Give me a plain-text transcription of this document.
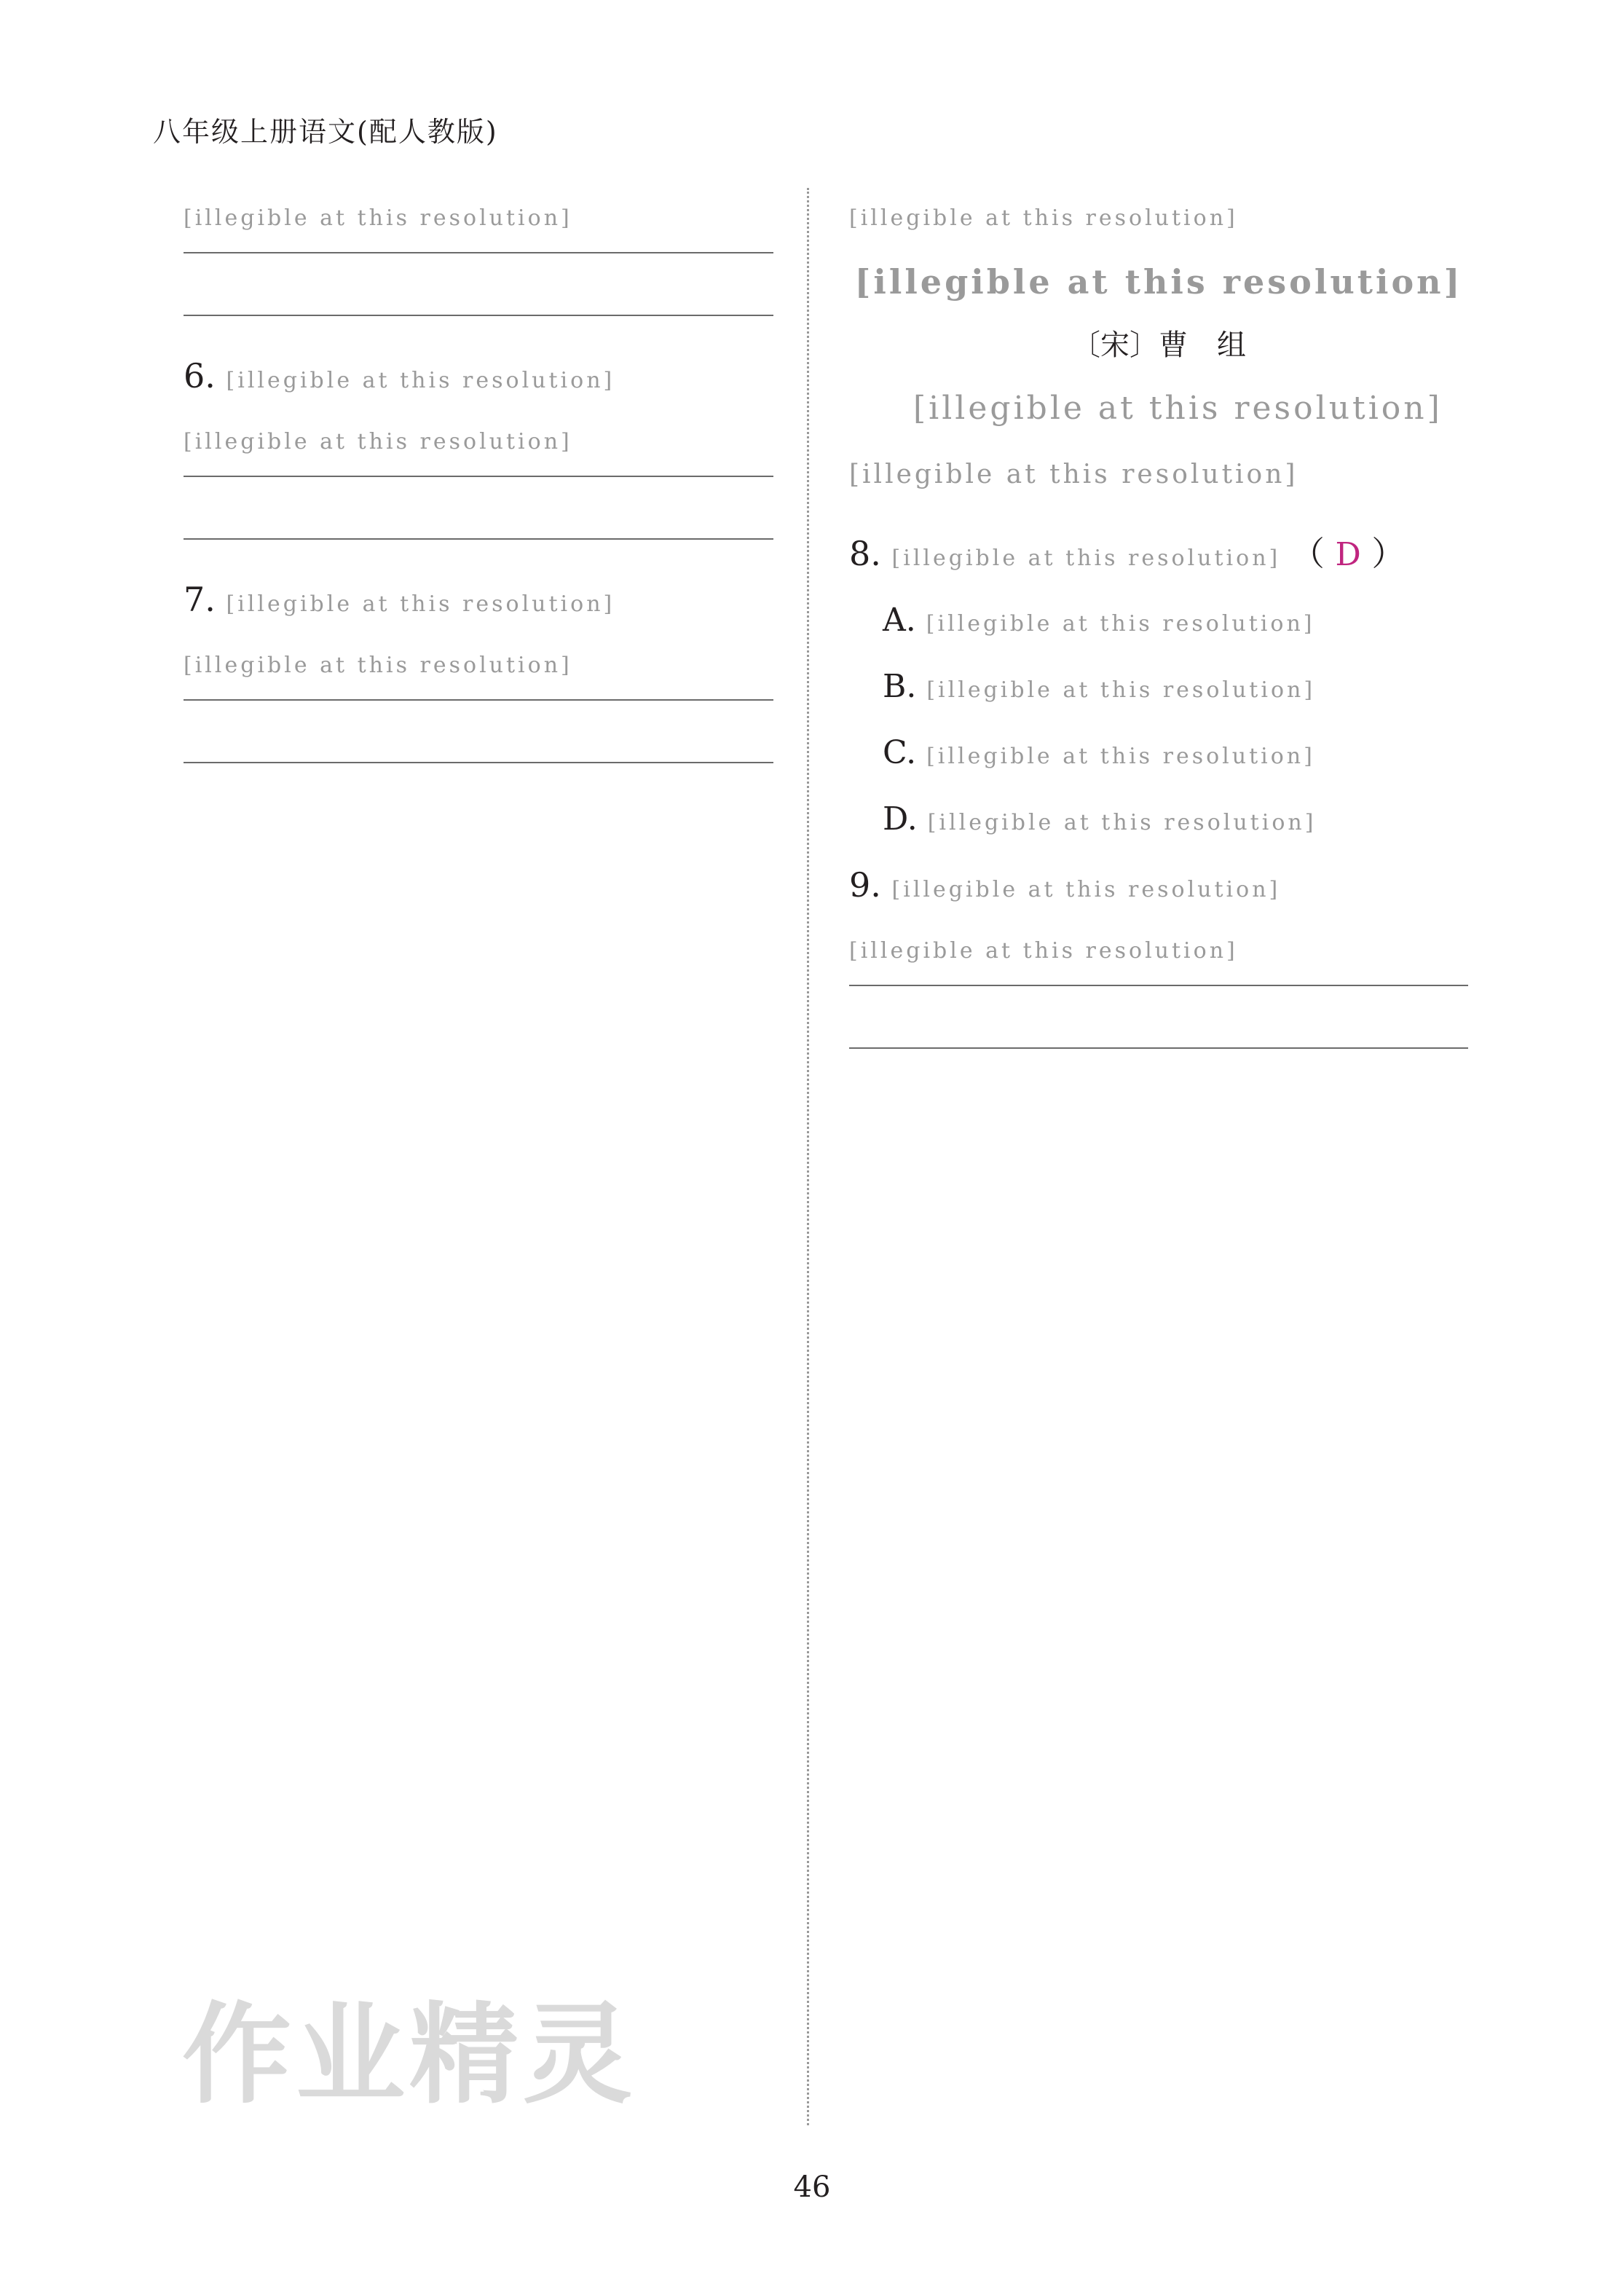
八年级上册语文(配人教版)
[illegible at this resolution]
6. [illegible at this resolution]
[illegible at this resolution]
7. [illegible at this resolution]
[illegible at this resolution]
[illegible at this resolution]
[illegible at this resolution]
〔宋〕曹　组

[illegible at this resolution]

[illegible at this resolution]
8. [illegible at this resolution] （ D ）
A. [illegible at this resolution]
B. [illegible at this resolution]
C. [illegible at this resolution]
D. [illegible at this resolution]
9. [illegible at this resolution]
[illegible at this resolution]
作业精灵
46
